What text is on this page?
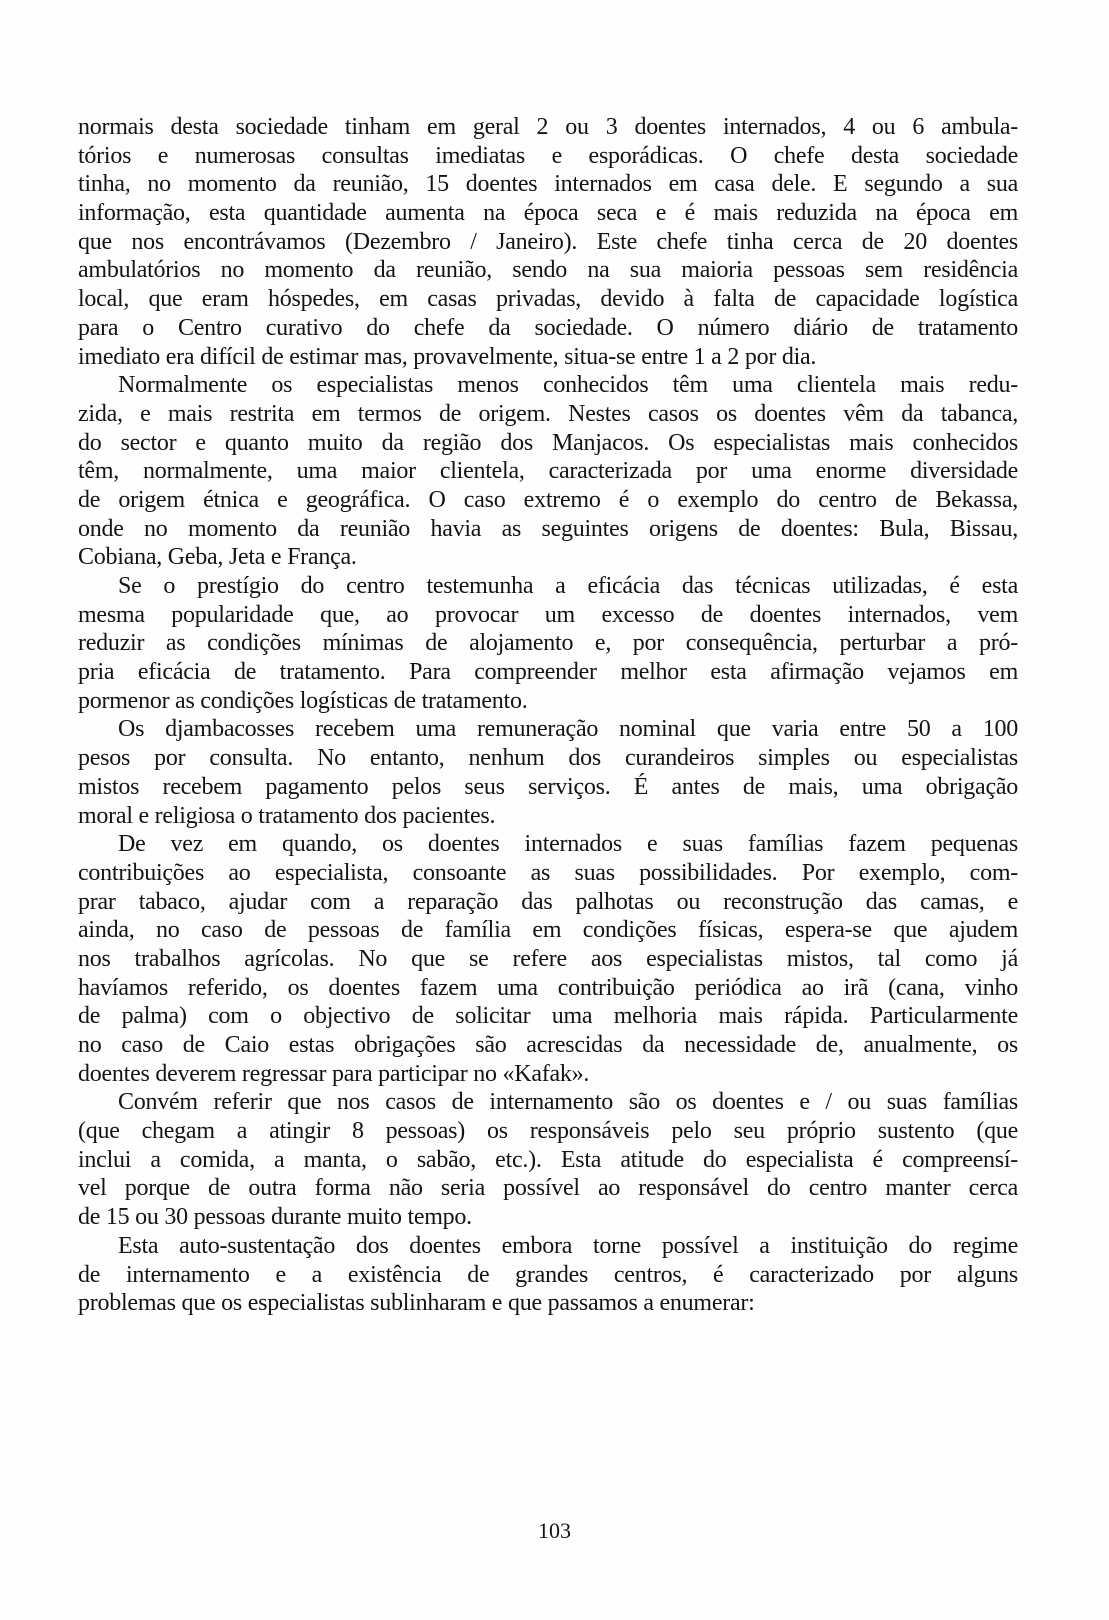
normais desta sociedade tinham em geral 2 ou 3 doentes internados, 4 ou 6 ambula-
tórios e numerosas consultas imediatas e esporádicas. O chefe desta sociedade
tinha, no momento da reunião, 15 doentes internados em casa dele. E segundo a sua
informação, esta quantidade aumenta na época seca e é mais reduzida na época em
que nos encontrávamos (Dezembro / Janeiro). Este chefe tinha cerca de 20 doentes
ambulatórios no momento da reunião, sendo na sua maioria pessoas sem residência
local, que eram hóspedes, em casas privadas, devido à falta de capacidade logística
para o Centro curativo do chefe da sociedade. O número diário de tratamento
imediato era difícil de estimar mas, provavelmente, situa-se entre 1 a 2 por dia.
Normalmente os especialistas menos conhecidos têm uma clientela mais redu-
zida, e mais restrita em termos de origem. Nestes casos os doentes vêm da tabanca,
do sector e quanto muito da região dos Manjacos. Os especialistas mais conhecidos
têm, normalmente, uma maior clientela, caracterizada por uma enorme diversidade
de origem étnica e geográfica. O caso extremo é o exemplo do centro de Bekassa,
onde no momento da reunião havia as seguintes origens de doentes: Bula, Bissau,
Cobiana, Geba, Jeta e França.
Se o prestígio do centro testemunha a eficácia das técnicas utilizadas, é esta
mesma popularidade que, ao provocar um excesso de doentes internados, vem
reduzir as condições mínimas de alojamento e, por consequência, perturbar a pró-
pria eficácia de tratamento. Para compreender melhor esta afirmação vejamos em
pormenor as condições logísticas de tratamento.
Os djambacosses recebem uma remuneração nominal que varia entre 50 a 100
pesos por consulta. No entanto, nenhum dos curandeiros simples ou especialistas
mistos recebem pagamento pelos seus serviços. É antes de mais, uma obrigação
moral e religiosa o tratamento dos pacientes.
De vez em quando, os doentes internados e suas famílias fazem pequenas
contribuições ao especialista, consoante as suas possibilidades. Por exemplo, com-
prar tabaco, ajudar com a reparação das palhotas ou reconstrução das camas, e
ainda, no caso de pessoas de família em condições físicas, espera-se que ajudem
nos trabalhos agrícolas. No que se refere aos especialistas mistos, tal como já
havíamos referido, os doentes fazem uma contribuição periódica ao irã (cana, vinho
de palma) com o objectivo de solicitar uma melhoria mais rápida. Particularmente
no caso de Caio estas obrigações são acrescidas da necessidade de, anualmente, os
doentes deverem regressar para participar no «Kafak».
Convém referir que nos casos de internamento são os doentes e / ou suas famílias
(que chegam a atingir 8 pessoas) os responsáveis pelo seu próprio sustento (que
inclui a comida, a manta, o sabão, etc.). Esta atitude do especialista é compreensí-
vel porque de outra forma não seria possível ao responsável do centro manter cerca
de 15 ou 30 pessoas durante muito tempo.
Esta auto-sustentação dos doentes embora torne possível a instituição do regime
de internamento e a existência de grandes centros, é caracterizado por alguns
problemas que os especialistas sublinharam e que passamos a enumerar:
103
